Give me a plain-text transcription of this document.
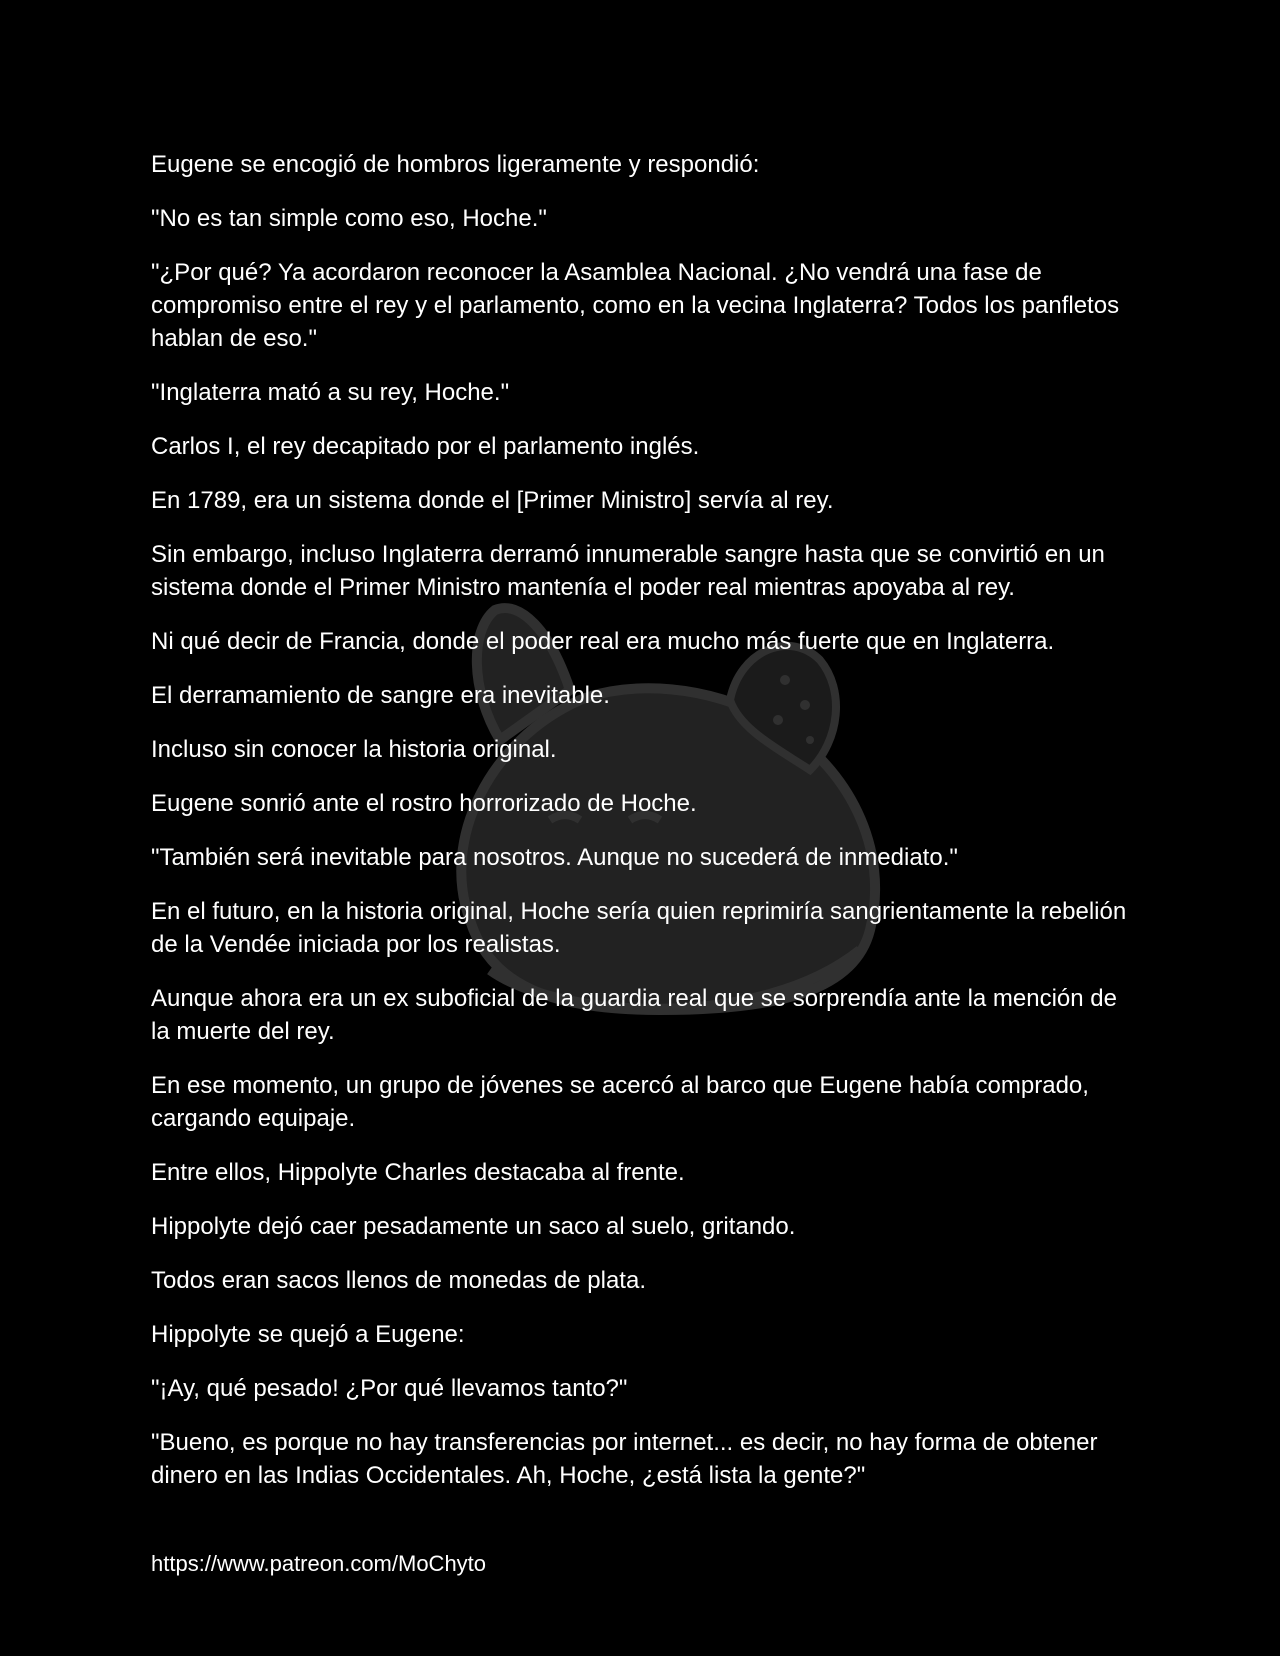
Eugene se encogió de hombros ligeramente y respondió:

"No es tan simple como eso, Hoche."

"¿Por qué? Ya acordaron reconocer la Asamblea Nacional. ¿No vendrá una fase de compromiso entre el rey y el parlamento, como en la vecina Inglaterra? Todos los panfletos hablan de eso."

"Inglaterra mató a su rey, Hoche."

Carlos I, el rey decapitado por el parlamento inglés.

En 1789, era un sistema donde el [Primer Ministro] servía al rey.

Sin embargo, incluso Inglaterra derramó innumerable sangre hasta que se convirtió en un sistema donde el Primer Ministro mantenía el poder real mientras apoyaba al rey.

Ni qué decir de Francia, donde el poder real era mucho más fuerte que en Inglaterra.

El derramamiento de sangre era inevitable.

Incluso sin conocer la historia original.

Eugene sonrió ante el rostro horrorizado de Hoche.

"También será inevitable para nosotros. Aunque no sucederá de inmediato."

En el futuro, en la historia original, Hoche sería quien reprimiría sangrientamente la rebelión de la Vendée iniciada por los realistas.

Aunque ahora era un ex suboficial de la guardia real que se sorprendía ante la mención de la muerte del rey.

En ese momento, un grupo de jóvenes se acercó al barco que Eugene había comprado, cargando equipaje.

Entre ellos, Hippolyte Charles destacaba al frente.

Hippolyte dejó caer pesadamente un saco al suelo, gritando.

Todos eran sacos llenos de monedas de plata.

Hippolyte se quejó a Eugene:

"¡Ay, qué pesado! ¿Por qué llevamos tanto?"

"Bueno, es porque no hay transferencias por internet... es decir, no hay forma de obtener dinero en las Indias Occidentales. Ah, Hoche, ¿está lista la gente?"

https://www.patreon.com/MoChyto
